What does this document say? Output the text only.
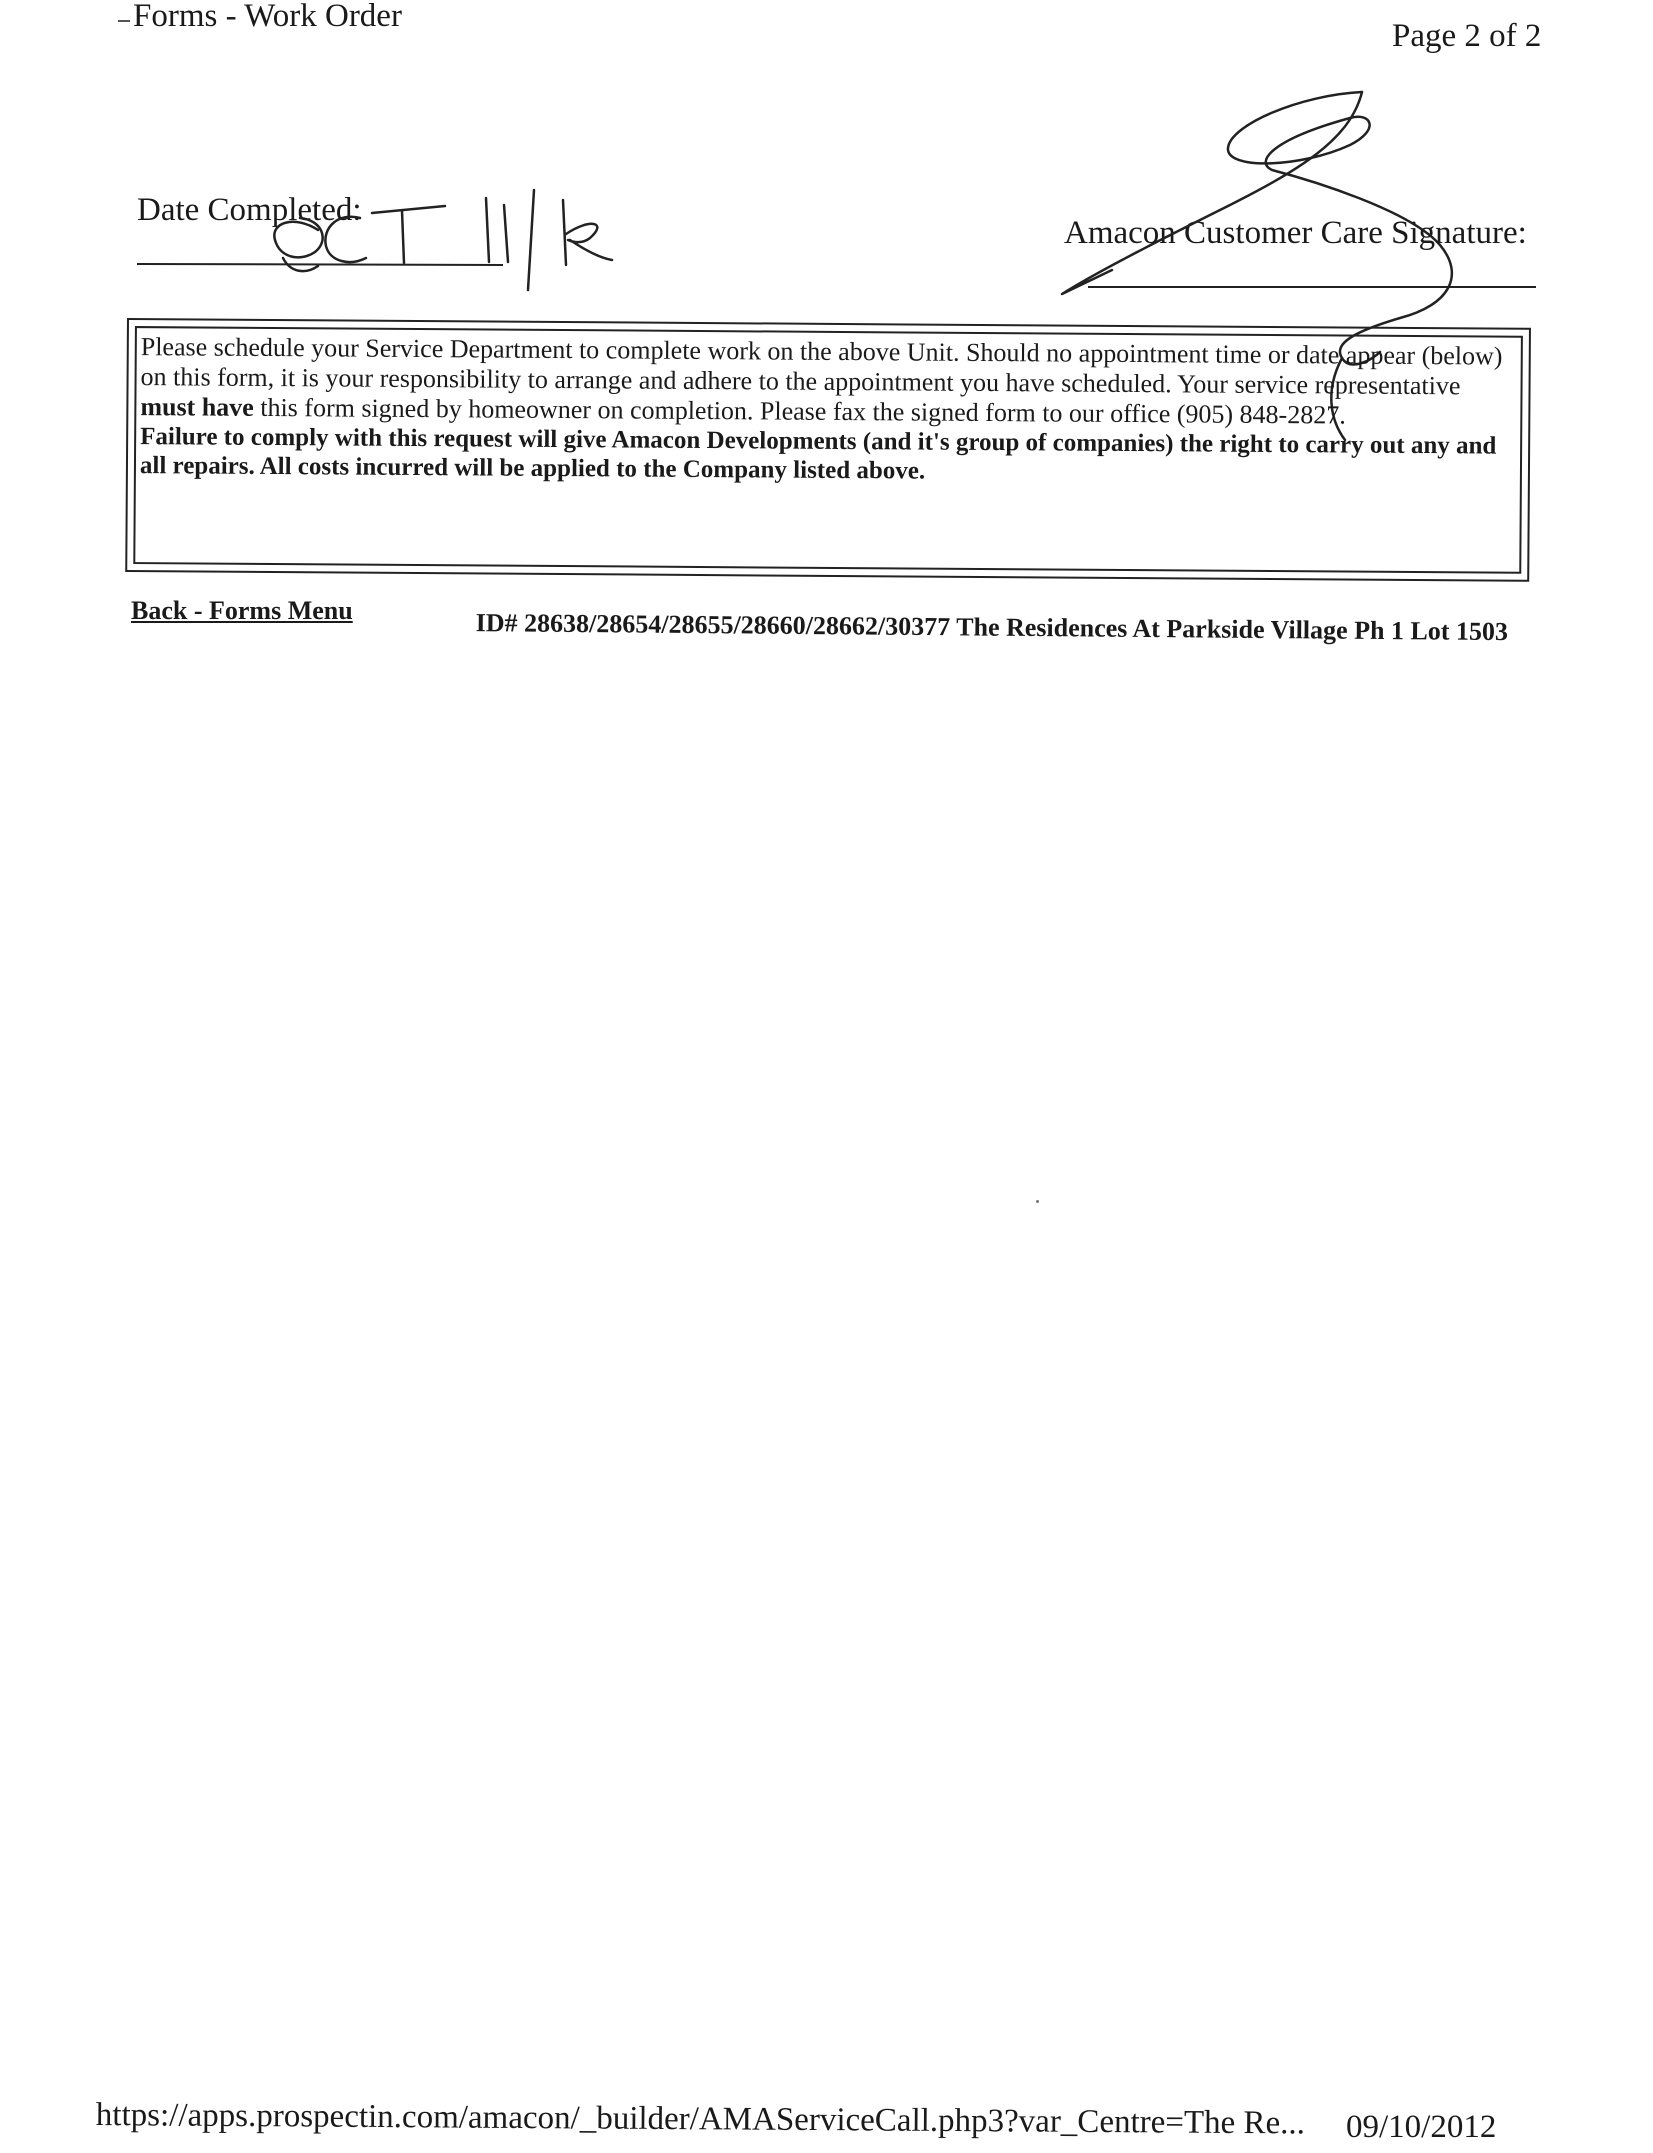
Forms - Work Order
Page 2 of 2
Date Completed:
Amacon Customer Care Signature:

Please schedule your Service Department to complete work on the above Unit. Should no appointment time or date appear (below) on this form, it is your responsibility to arrange and adhere to the appointment you have scheduled. Your service representative must have this form signed by homeowner on completion. Please fax the signed form to our office (905) 848-2827.

Failure to comply with this request will give Amacon Developments (and it's group of companies) the right to carry out any and all repairs. All costs incurred will be applied to the Company listed above.

Back - Forms Menu	ID# 28638/28654/28655/28660/28662/30377 The Residences At Parkside Village Ph 1 Lot 1503
https://apps.prospectin.com/amacon/_builder/AMAServiceCall.php3?var_Centre=The Re... 09/10/2012
